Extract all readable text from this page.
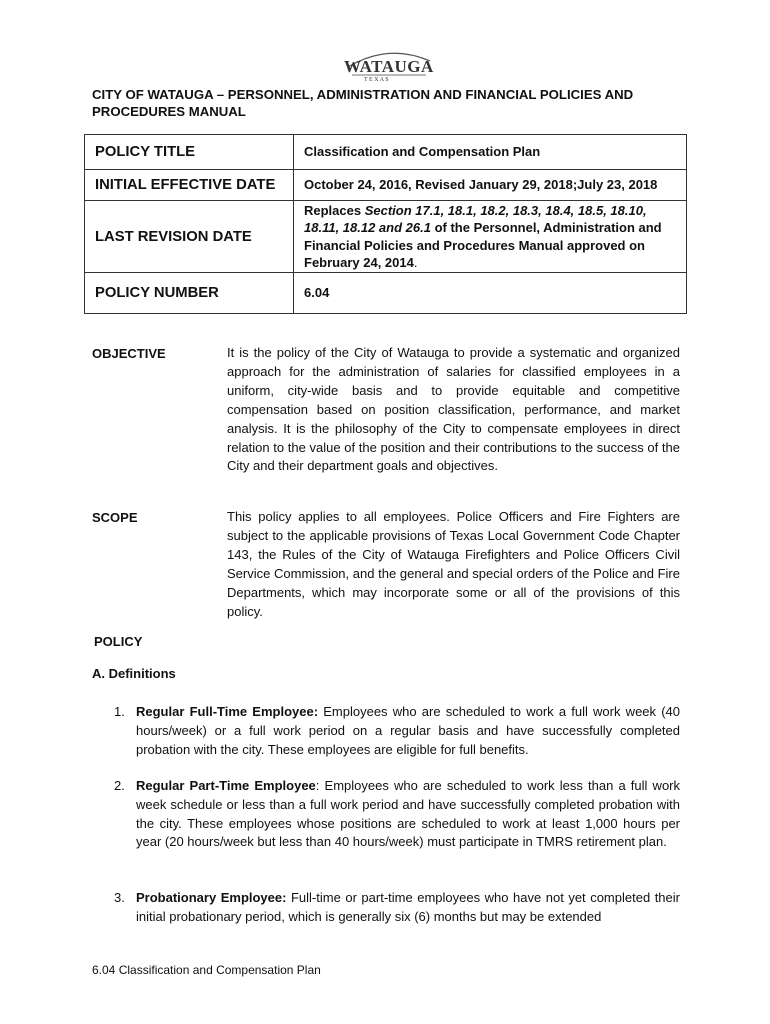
WATAUGA
T E X A S
CITY OF WATAUGA – PERSONNEL, ADMINISTRATION AND FINANCIAL POLICIES AND PROCEDURES MANUAL
POLICY TITLE	Classification and Compensation Plan
INITIAL EFFECTIVE DATE	October 24, 2016, Revised January 29, 2018;July 23, 2018
LAST REVISION DATE	Replaces Section 17.1, 18.1, 18.2, 18.3, 18.4, 18.5, 18.10, 18.11, 18.12 and 26.1 of the Personnel, Administration and Financial Policies and Procedures Manual approved on February 24, 2014.
POLICY NUMBER	6.04
OBJECTIVE	It is the policy of the City of Watauga to provide a systematic and organized approach for the administration of salaries for classified employees in a uniform, city-wide basis and to provide equitable and competitive compensation based on position classification, performance, and market analysis. It is the philosophy of the City to compensate employees in direct relation to the value of the position and their contributions to the success of the City and their department goals and objectives.
SCOPE	This policy applies to all employees. Police Officers and Fire Fighters are subject to the applicable provisions of Texas Local Government Code Chapter 143, the Rules of the City of Watauga Firefighters and Police Officers Civil Service Commission, and the general and special orders of the Police and Fire Departments, which may incorporate some or all of the provisions of this policy.
POLICY
A. Definitions
1. Regular Full-Time Employee: Employees who are scheduled to work a full work week (40 hours/week) or a full work period on a regular basis and have successfully completed probation with the city. These employees are eligible for full benefits.
2. Regular Part-Time Employee: Employees who are scheduled to work less than a full work week schedule or less than a full work period and have successfully completed probation with the city. These employees whose positions are scheduled to work at least 1,000 hours per year (20 hours/week but less than 40 hours/week) must participate in TMRS retirement plan.
3. Probationary Employee: Full-time or part-time employees who have not yet completed their initial probationary period, which is generally six (6) months but may be extended
6.04 Classification and Compensation Plan
